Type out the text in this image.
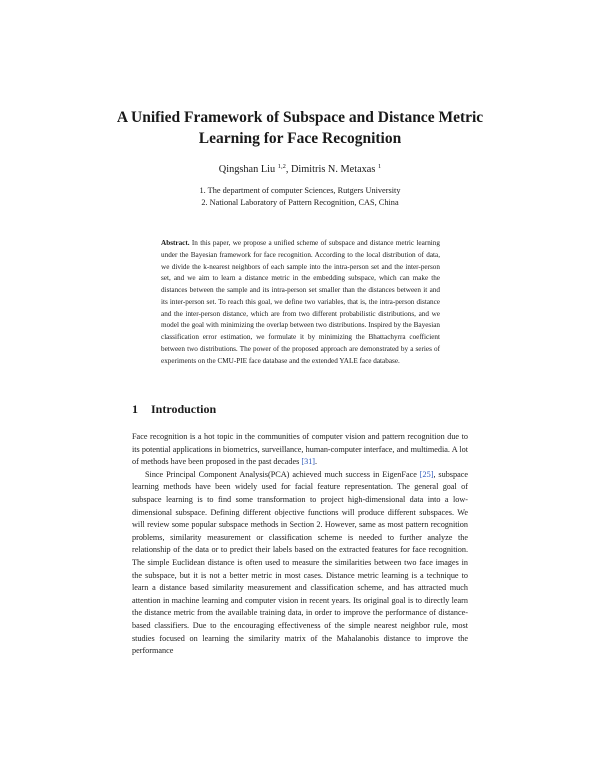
A Unified Framework of Subspace and Distance Metric
Learning for Face Recognition

Qingshan Liu $^{1,2}$, Dimitris N. Metaxas $^1$

1. The department of computer Sciences, Rutgers University
2. National Laboratory of Pattern Recognition, CAS, China

Abstract. In this paper, we propose a unified scheme of subspace and distance metric learning under the Bayesian framework for face recognition. According to the local distribution of data, we divide the k-nearest neighbors of each sample into the intra-person set and the inter-person set, and we aim to learn a distance metric in the embedding subspace, which can make the distances between the sample and its intra-person set smaller than the distances between it and its inter-person set. To reach this goal, we define two variables, that is, the intra-person distance and the inter-person distance, which are from two different probabilistic distributions, and we model the goal with minimizing the overlap between two distributions. Inspired by the Bayesian classification error estimation, we formulate it by minimizing the Bhattachyrra coefficient between two distributions. The power of the proposed approach are demonstrated by a series of experiments on the CMU-PIE face database and the extended YALE face database.

1 Introduction

Face recognition is a hot topic in the communities of computer vision and pattern recognition due to its potential applications in biometrics, surveillance, human-computer interface, and multimedia. A lot of methods have been proposed in the past decades [31].

Since Principal Component Analysis(PCA) achieved much success in EigenFace [25], subspace learning methods have been widely used for facial feature representation. The general goal of subspace learning is to find some transformation to project high-dimensional data into a low-dimensional subspace. Defining different objective functions will produce different subspaces. We will review some popular subspace methods in Section 2. However, same as most pattern recognition problems, similarity measurement or classification scheme is needed to further analyze the relationship of the data or to predict their labels based on the extracted features for face recognition. The simple Euclidean distance is often used to measure the similarities between two face images in the subspace, but it is not a better metric in most cases. Distance metric learning is a technique to learn a distance based similarity measurement and classification scheme, and has attracted much attention in machine learning and computer vision in recent years. Its original goal is to directly learn the distance metric from the available training data, in order to improve the performance of distance-based classifiers. Due to the encouraging effectiveness of the simple nearest neighbor rule, most studies focused on learning the similarity matrix of the Mahalanobis distance to improve the performance
